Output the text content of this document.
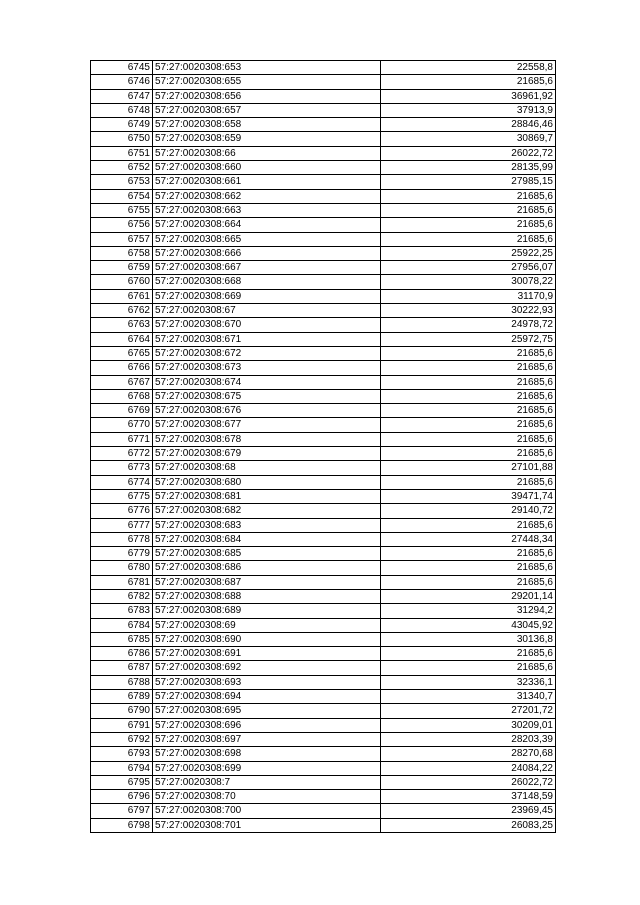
6745	57:27:0020308:653	22558,8
6746	57:27:0020308:655	21685,6
6747	57:27:0020308:656	36961,92
6748	57:27:0020308:657	37913,9
6749	57:27:0020308:658	28846,46
6750	57:27:0020308:659	30869,7
6751	57:27:0020308:66	26022,72
6752	57:27:0020308:660	28135,99
6753	57:27:0020308:661	27985,15
6754	57:27:0020308:662	21685,6
6755	57:27:0020308:663	21685,6
6756	57:27:0020308:664	21685,6
6757	57:27:0020308:665	21685,6
6758	57:27:0020308:666	25922,25
6759	57:27:0020308:667	27956,07
6760	57:27:0020308:668	30078,22
6761	57:27:0020308:669	31170,9
6762	57:27:0020308:67	30222,93
6763	57:27:0020308:670	24978,72
6764	57:27:0020308:671	25972,75
6765	57:27:0020308:672	21685,6
6766	57:27:0020308:673	21685,6
6767	57:27:0020308:674	21685,6
6768	57:27:0020308:675	21685,6
6769	57:27:0020308:676	21685,6
6770	57:27:0020308:677	21685,6
6771	57:27:0020308:678	21685,6
6772	57:27:0020308:679	21685,6
6773	57:27:0020308:68	27101,88
6774	57:27:0020308:680	21685,6
6775	57:27:0020308:681	39471,74
6776	57:27:0020308:682	29140,72
6777	57:27:0020308:683	21685,6
6778	57:27:0020308:684	27448,34
6779	57:27:0020308:685	21685,6
6780	57:27:0020308:686	21685,6
6781	57:27:0020308:687	21685,6
6782	57:27:0020308:688	29201,14
6783	57:27:0020308:689	31294,2
6784	57:27:0020308:69	43045,92
6785	57:27:0020308:690	30136,8
6786	57:27:0020308:691	21685,6
6787	57:27:0020308:692	21685,6
6788	57:27:0020308:693	32336,1
6789	57:27:0020308:694	31340,7
6790	57:27:0020308:695	27201,72
6791	57:27:0020308:696	30209,01
6792	57:27:0020308:697	28203,39
6793	57:27:0020308:698	28270,68
6794	57:27:0020308:699	24084,22
6795	57:27:0020308:7	26022,72
6796	57:27:0020308:70	37148,59
6797	57:27:0020308:700	23969,45
6798	57:27:0020308:701	26083,25
